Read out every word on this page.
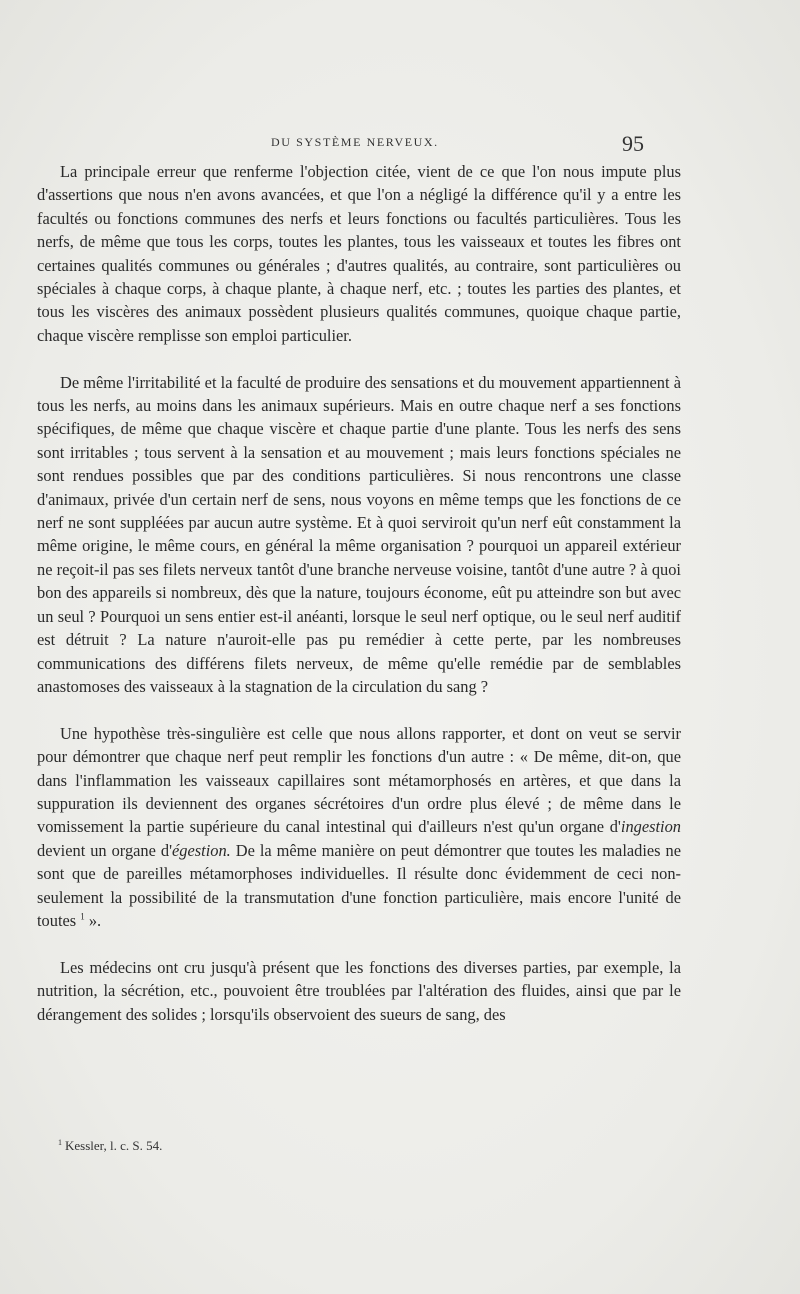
DU SYSTÈME NERVEUX.	95

La principale erreur que renferme l'objection citée, vient de ce que l'on nous impute plus d'assertions que nous n'en avons avancées, et que l'on a négligé la différence qu'il y a entre les facultés ou fonctions communes des nerfs et leurs fonctions ou facultés particulières. Tous les nerfs, de même que tous les corps, toutes les plantes, tous les vaisseaux et toutes les fibres ont certaines qualités communes ou générales ; d'autres qualités, au contraire, sont particulières ou spéciales à chaque corps, à chaque plante, à chaque nerf, etc. ; toutes les parties des plantes, et tous les viscères des animaux possèdent plusieurs qualités communes, quoique chaque partie, chaque viscère remplisse son emploi particulier.

De même l'irritabilité et la faculté de produire des sensations et du mouvement appartiennent à tous les nerfs, au moins dans les animaux supérieurs. Mais en outre chaque nerf a ses fonctions spécifiques, de même que chaque viscère et chaque partie d'une plante. Tous les nerfs des sens sont irritables ; tous servent à la sensation et au mouvement ; mais leurs fonctions spéciales ne sont rendues possibles que par des conditions particulières. Si nous rencontrons une classe d'animaux, privée d'un certain nerf de sens, nous voyons en même temps que les fonctions de ce nerf ne sont suppléées par aucun autre système. Et à quoi serviroit qu'un nerf eût constamment la même origine, le même cours, en général la même organisation ? pourquoi un appareil extérieur ne reçoit-il pas ses filets nerveux tantôt d'une branche nerveuse voisine, tantôt d'une autre ? à quoi bon des appareils si nombreux, dès que la nature, toujours économe, eût pu atteindre son but avec un seul ? Pourquoi un sens entier est-il anéanti, lorsque le seul nerf optique, ou le seul nerf auditif est détruit ? La nature n'auroit-elle pas pu remédier à cette perte, par les nombreuses communications des différens filets nerveux, de même qu'elle remédie par de semblables anastomoses des vaisseaux à la stagnation de la circulation du sang ?

Une hypothèse très-singulière est celle que nous allons rapporter, et dont on veut se servir pour démontrer que chaque nerf peut remplir les fonctions d'un autre : « De même, dit-on, que dans l'inflammation les vaisseaux capillaires sont métamorphosés en artères, et que dans la suppuration ils deviennent des organes sécrétoires d'un ordre plus élevé ; de même dans le vomissement la partie supérieure du canal intestinal qui d'ailleurs n'est qu'un organe d'ingestion devient un organe d'égestion. De la même manière on peut démontrer que toutes les maladies ne sont que de pareilles métamorphoses individuelles. Il résulte donc évidemment de ceci non-seulement la possibilité de la transmutation d'une fonction particulière, mais encore l'unité de toutes $^1$ ».

Les médecins ont cru jusqu'à présent que les fonctions des diverses parties, par exemple, la nutrition, la sécrétion, etc., pouvoient être troublées par l'altération des fluides, ainsi que par le dérangement des solides ; lorsqu'ils observoient des sueurs de sang, des

$^1$ Kessler, l. c. S. 54.
